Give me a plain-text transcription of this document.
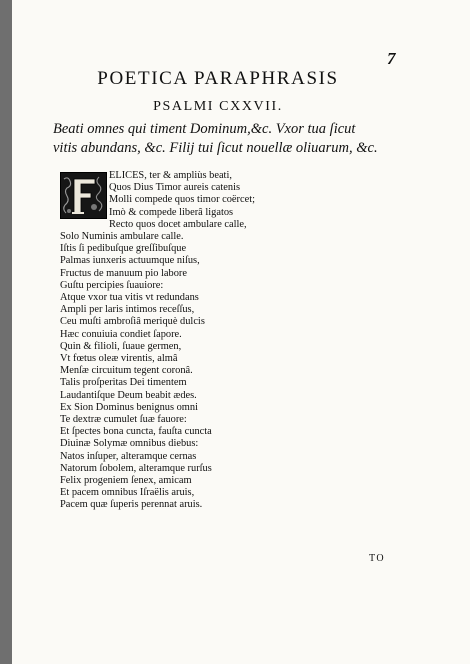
7
POETICA PARAPHRASIS
PSALMI CXXVII.
Beati omnes qui timent Dominum,&c. Vxor tua ſicut
vitis abundans, &c. Filij tui ſicut nouellæ oliuarum, &c.
ELICES, ter & ampliùs beati,
Quos Dius Timor aureis catenis
Molli compede quos timor coërcet;
Imò & compede liberâ ligatos
Recto quos docet ambulare calle,
Solo Numinis ambulare calle.
Iſtis ſi pedibuſque greſſibuſque
Palmas iunxeris actuumque niſus,
Fructus de manuum pio labore
Guſtu percipies ſuauiore:
Atque vxor tua vitis vt redundans
Ampli per laris intimos receſſus,
Ceu muſti ambroſiâ meriquè dulcis
Hæc conuiuia condiet ſapore.
Quin & filioli, ſuaue germen,
Vt fœtus oleæ virentis, almâ
Menſæ circuitum tegent coronâ.
Talis proſperitas Dei timentem
Laudantiſque Deum beabit ædes.
Ex Sion Dominus benignus omni
Te dextræ cumulet ſuæ fauore:
Et ſpectes bona cuncta, fauſta cuncta
Diuinæ Solymæ omnibus diebus:
Natos inſuper, alteramque cernas
Natorum ſobolem, alteramque rurſus
Felix progeniem ſenex, amicam
Et pacem omnibus Iſraëlis aruis,
Pacem quæ ſuperis perennat aruis.
TO
